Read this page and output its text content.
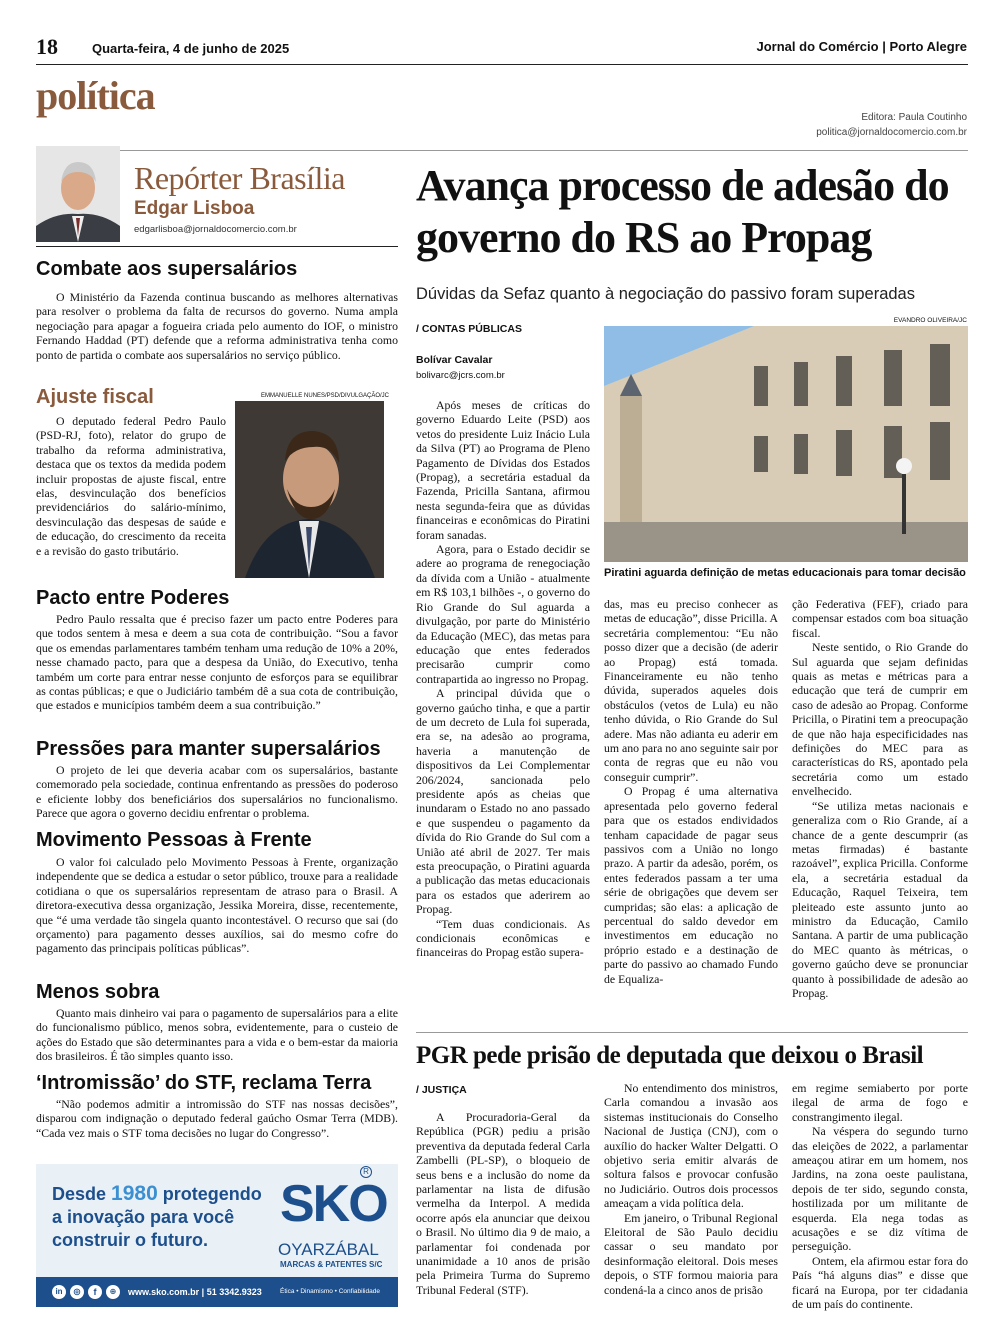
18	Quarta-feira, 4 de junho de 2025	Jornal do Comércio | Porto Alegre
política	Editora: Paula Coutinho
politica@jornaldocomercio.com.br
Repórter Brasília
Edgar Lisboa
edgarlisboa@jornaldocomercio.com.br
Combate aos supersalários

O Ministério da Fazenda continua buscando as melhores alternativas para resolver o problema da falta de recursos do governo. Numa ampla negociação para apagar a fogueira criada pelo aumento do IOF, o ministro Fernando Haddad (PT) defende que a reforma administrativa tenha como ponto de partida o combate aos supersalários no serviço público.

Ajuste fiscal

O deputado federal Pedro Paulo (PSD-RJ, foto), relator do grupo de trabalho da reforma administrativa, destaca que os textos da medida podem incluir propostas de ajuste fiscal, entre elas, desvinculação dos benefícios previdenciários do salário-mínimo, desvinculação das despesas de saúde e de educação, do crescimento da receita e a revisão do gasto tributário.

EMMANUELLE NUNES/PSD/DIVULGAÇÃO/JC
Pacto entre Poderes

Pedro Paulo ressalta que é preciso fazer um pacto entre Poderes para que todos sentem à mesa e deem a sua cota de contribuição. “Sou a favor que os emendas parlamentares também tenham uma redução de 10% a 20%, nesse chamado pacto, para que a despesa da União, do Executivo, tenha também um corte para entrar nesse conjunto de esforços para se equilibrar as contas públicas; e que o Judiciário também dê a sua cota de contribuição, que estados e municípios também deem a sua contribuição.”

Pressões para manter supersalários

O projeto de lei que deveria acabar com os supersalários, bastante comemorado pela sociedade, continua enfrentando as pressões do poderoso e eficiente lobby dos beneficiários dos supersalários no funcionalismo. Parece que agora o governo decidiu enfrentar o problema.

Movimento Pessoas à Frente

O valor foi calculado pelo Movimento Pessoas à Frente, organização independente que se dedica a estudar o setor público, trouxe para a realidade cotidiana o que os supersalários representam de atraso para o Brasil. A diretora-executiva dessa organização, Jessika Moreira, disse, recentemente, que “é uma verdade tão singela quanto incontestável. O recurso que sai (do orçamento) para pagamento desses auxílios, sai do mesmo cofre do pagamento das principais políticas públicas”.

Menos sobra

Quanto mais dinheiro vai para o pagamento de supersalários para a elite do funcionalismo público, menos sobra, evidentemente, para o custeio de ações do Estado que são determinantes para a vida e o bem-estar da maioria dos brasileiros. É tão simples quanto isso.

‘Intromissão’ do STF, reclama Terra

“Não podemos admitir a intromissão do STF nas nossas decisões”, disparou com indignação o deputado federal gaúcho Osmar Terra (MDB). “Cada vez mais o STF toma decisões no lugar do Congresso”.

Avança processo de adesão do governo do RS ao Propag
Dúvidas da Sefaz quanto à negociação do passivo foram superadas
/ CONTAS PÚBLICAS
Bolívar Cavalar
bolivarc@jcrs.com.br
EVANDRO OLIVEIRA/JC
Piratini aguarda definição de metas educacionais para tomar decisão

Após meses de críticas do governo Eduardo Leite (PSD) aos vetos do presidente Luiz Inácio Lula da Silva (PT) ao Programa de Pleno Pagamento de Dívidas dos Estados (Propag), a secretária estadual da Fazenda, Pricilla Santana, afirmou nesta segunda-feira que as dúvidas financeiras e econômicas do Piratini foram sanadas.

Agora, para o Estado decidir se adere ao programa de renegociação da dívida com a União - atualmente em R$ 103,1 bilhões -, o governo do Rio Grande do Sul aguarda a divulgação, por parte do Ministério da Educação (MEC), das metas para educação que entes federados precisarão cumprir como contrapartida ao ingresso no Propag.

A principal dúvida que o governo gaúcho tinha, e que a partir de um decreto de Lula foi superada, era se, na adesão ao programa, haveria a manutenção de dispositivos da Lei Complementar 206/2024, sancionada pelo presidente após as cheias que inundaram o Estado no ano passado e que suspendeu o pagamento da dívida do Rio Grande do Sul com a União até abril de 2027. Ter mais esta preocupação, o Piratini aguarda a publicação das metas educacionais para os estados que aderirem ao Propag.

“Tem duas condicionais. As condicionais econômicas e financeiras do Propag estão supera-

das, mas eu preciso conhecer as metas de educação”, disse Pricilla. A secretária complementou: “Eu não posso dizer que a decisão (de aderir ao Propag) está tomada. Financeiramente eu não tenho dúvida, superados aqueles dois obstáculos (vetos de Lula) eu não tenho dúvida, o Rio Grande do Sul adere. Mas não adianta eu aderir em um ano para no ano seguinte sair por conta de regras que eu não vou conseguir cumprir”.

O Propag é uma alternativa apresentada pelo governo federal para que os estados endividados tenham capacidade de pagar seus passivos com a União no longo prazo. A partir da adesão, porém, os entes federados passam a ter uma série de obrigações que devem ser cumpridas; são elas: a aplicação de percentual do saldo devedor em investimentos em educação no próprio estado e a destinação de parte do passivo ao chamado Fundo de Equaliza-

ção Federativa (FEF), criado para compensar estados com boa situação fiscal.

Neste sentido, o Rio Grande do Sul aguarda que sejam definidas quais as metas e métricas para a educação que terá de cumprir em caso de adesão ao Propag. Conforme Pricilla, o Piratini tem a preocupação de que não haja especificidades nas definições do MEC para as características do RS, apontado pela secretária como um estado envelhecido.

“Se utiliza metas nacionais e generaliza com o Rio Grande, aí a chance de a gente descumprir (as metas firmadas) é bastante razoável”, explica Pricilla. Conforme ela, a secretária estadual da Educação, Raquel Teixeira, tem pleiteado este assunto junto ao ministro da Educação, Camilo Santana. A partir de uma publicação do MEC quanto às métricas, o governo gaúcho deve se pronunciar quanto à possibilidade de adesão ao Propag.

PGR pede prisão de deputada que deixou o Brasil
/ JUSTIÇA

A Procuradoria-Geral da República (PGR) pediu a prisão preventiva da deputada federal Carla Zambelli (PL-SP), o bloqueio de seus bens e a inclusão do nome da parlamentar na lista de difusão vermelha da Interpol. A medida ocorre após ela anunciar que deixou o Brasil. No último dia 9 de maio, a parlamentar foi condenada por unanimidade a 10 anos de prisão pela Primeira Turma do Supremo Tribunal Federal (STF).

No entendimento dos ministros, Carla comandou a invasão aos sistemas institucionais do Conselho Nacional de Justiça (CNJ), com o auxílio do hacker Walter Delgatti. O objetivo seria emitir alvarás de soltura falsos e provocar confusão no Judiciário. Outros dois processos ameaçam a vida política dela.

Em janeiro, o Tribunal Regional Eleitoral de São Paulo decidiu cassar o seu mandato por desinformação eleitoral. Dois meses depois, o STF formou maioria para condená-la a cinco anos de prisão

em regime semiaberto por porte ilegal de arma de fogo e constrangimento ilegal.

Na véspera do segundo turno das eleições de 2022, a parlamentar ameaçou atirar em um homem, nos Jardins, na zona oeste paulistana, depois de ter sido, segundo consta, hostilizada por um militante de esquerda. Ela nega todas as acusações e se diz vítima de perseguição.

Ontem, ela afirmou estar fora do País “há alguns dias” e disse que ficará na Europa, por ter cidadania de um país do continente.

Desde 1980 protegendo
a inovação para você
construir o futuro.
SKO
R
OYARZÁBAL
MARCAS & PATENTES S/C
in	◎	f	⊕	www.sko.com.br | 51 3342.9323	Ética • Dinamismo • Confiabilidade
